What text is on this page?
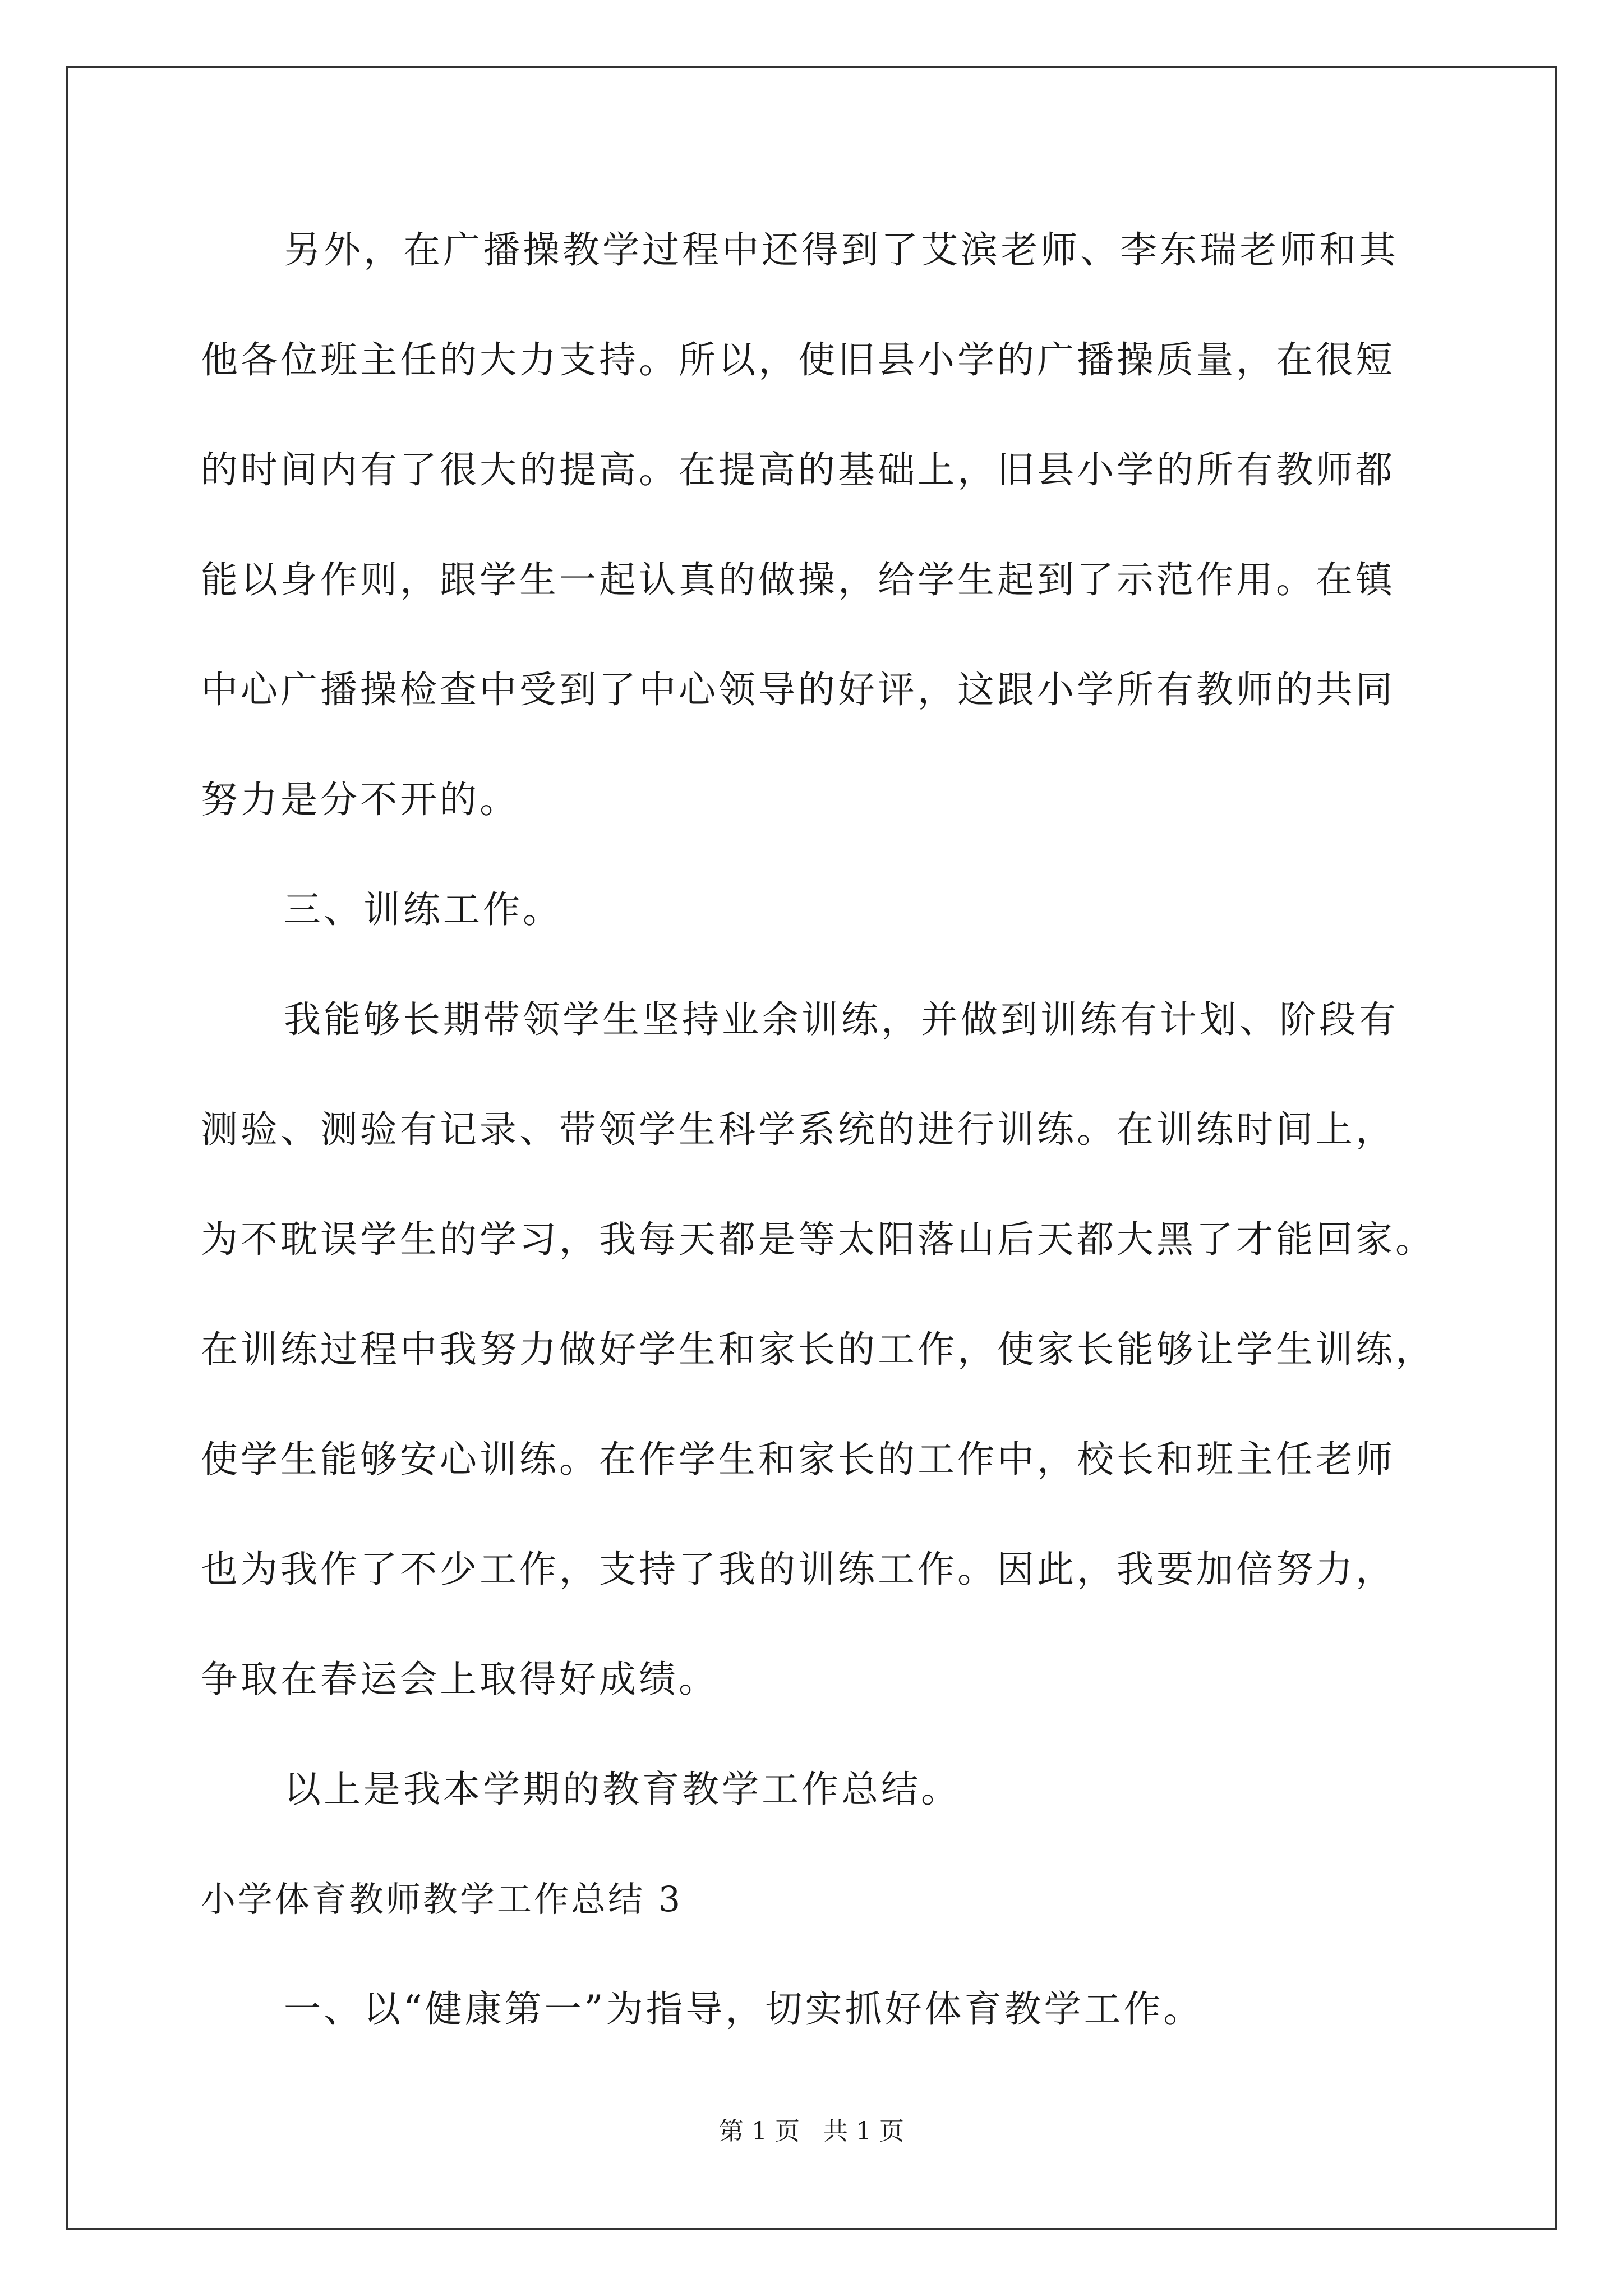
另外，在广播操教学过程中还得到了艾滨老师、李东瑞老师和其
他各位班主任的大力支持。所以，使旧县小学的广播操质量，在很短
的时间内有了很大的提高。在提高的基础上，旧县小学的所有教师都
能以身作则，跟学生一起认真的做操，给学生起到了示范作用。在镇
中心广播操检查中受到了中心领导的好评，这跟小学所有教师的共同
努力是分不开的。
三、训练工作。
我能够长期带领学生坚持业余训练，并做到训练有计划、阶段有
测验、测验有记录、带领学生科学系统的进行训练。在训练时间上，
为不耽误学生的学习，我每天都是等太阳落山后天都大黑了才能回家。
在训练过程中我努力做好学生和家长的工作，使家长能够让学生训练，
使学生能够安心训练。在作学生和家长的工作中，校长和班主任老师
也为我作了不少工作，支持了我的训练工作。因此，我要加倍努力，
争取在春运会上取得好成绩。
以上是我本学期的教育教学工作总结。
小学体育教师教学工作总结 3
一、以“健康第一”为指导，切实抓好体育教学工作。
第 1 页   共 1 页
